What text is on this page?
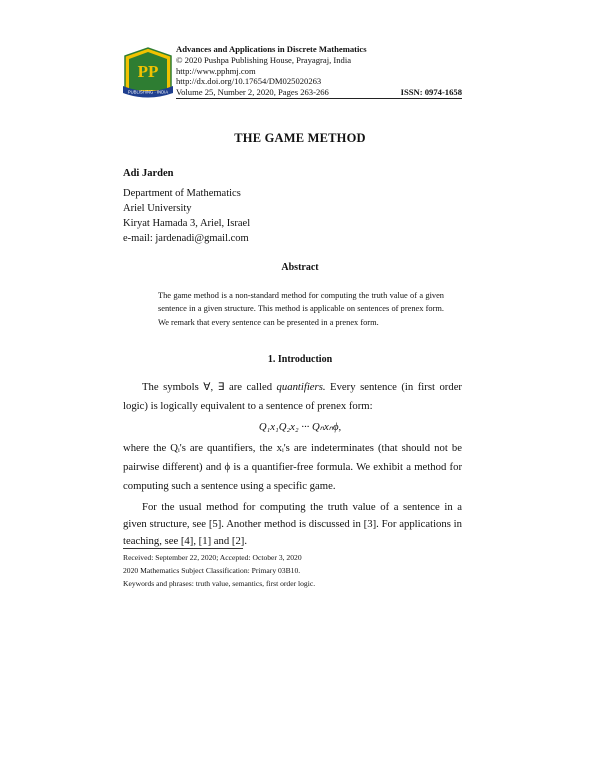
PP
PUBLISHING · INDIA
Advances and Applications in Discrete Mathematics
© 2020 Pushpa Publishing House, Prayagraj, India
http://www.pphmj.com
http://dx.doi.org/10.17654/DM025020263
Volume 25, Number 2, 2020, Pages 263-266	ISSN: 0974-1658
THE GAME METHOD
Adi Jarden
Department of Mathematics
Ariel University
Kiryat Hamada 3, Ariel, Israel
e-mail: jardenadi@gmail.com
Abstract
The game method is a non-standard method for computing the truth value of a given sentence in a given structure. This method is applicable on sentences of prenex form. We remark that every sentence can be presented in a prenex form.
1. Introduction
The symbols ∀, ∃ are called quantifiers. Every sentence (in first order logic) is logically equivalent to a sentence of prenex form:
Q₁x₁Q₂x₂ ··· Qₙxₙϕ,
where the Qᵢ's are quantifiers, the xᵢ's are indeterminates (that should not be pairwise different) and ϕ is a quantifier-free formula. We exhibit a method for computing such a sentence using a specific game.
For the usual method for computing the truth value of a sentence in a given structure, see [5]. Another method is discussed in [3]. For applications in teaching, see [4], [1] and [2].
Received: September 22, 2020; Accepted: October 3, 2020
2020 Mathematics Subject Classification: Primary 03B10.
Keywords and phrases: truth value, semantics, first order logic.
